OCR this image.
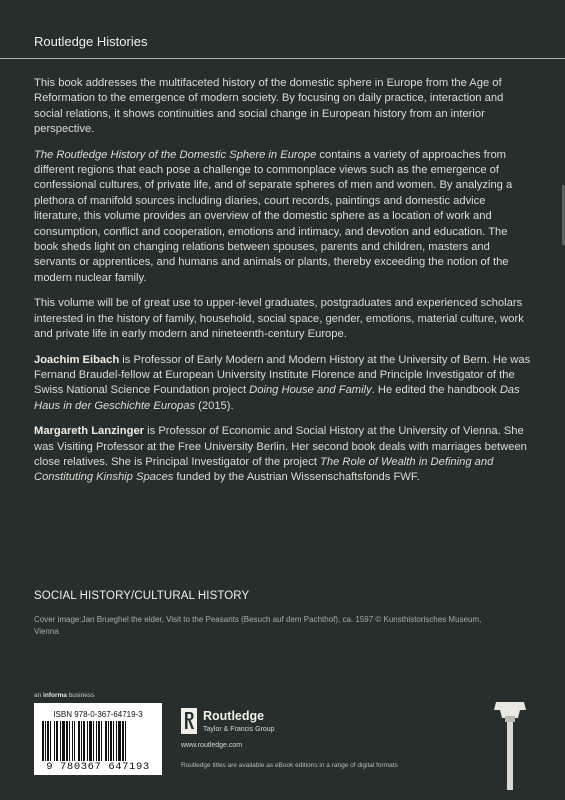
Routledge Histories

This book addresses the multifaceted history of the domestic sphere in Europe from the Age of Reformation to the emergence of modern society. By focusing on daily practice, interaction and social relations, it shows continuities and social change in European history from an interior perspective.

The Routledge History of the Domestic Sphere in Europe contains a variety of approaches from different regions that each pose a challenge to commonplace views such as the emergence of confessional cultures, of private life, and of separate spheres of men and women. By analyzing a plethora of manifold sources including diaries, court records, paintings and domestic advice literature, this volume provides an overview of the domestic sphere as a location of work and consumption, conflict and cooperation, emotions and intimacy, and devotion and education. The book sheds light on changing relations between spouses, parents and children, masters and servants or apprentices, and humans and animals or plants, thereby exceeding the notion of the modern nuclear family.

This volume will be of great use to upper-level graduates, postgraduates and experienced scholars interested in the history of family, household, social space, gender, emotions, material culture, work and private life in early modern and nineteenth-century Europe.

Joachim Eibach is Professor of Early Modern and Modern History at the University of Bern. He was Fernand Braudel-fellow at European University Institute Florence and Principle Investigator of the Swiss National Science Foundation project Doing House and Family. He edited the handbook Das Haus in der Geschichte Europas (2015).

Margareth Lanzinger is Professor of Economic and Social History at the University of Vienna. She was Visiting Professor at the Free University Berlin. Her second book deals with marriages between close relatives. She is Principal Investigator of the project The Role of Wealth in Defining and Constituting Kinship Spaces funded by the Austrian Wissenschaftsfonds FWF.

SOCIAL HISTORY/CULTURAL HISTORY
Cover image:Jan Brueghel the elder, Visit to the Peasants (Besuch auf dem Pachthof), ca. 1597 © Kunsthistorisches Museum, Vienna
an informa business
ISBN 978-0-367-64719-3
9 780367 647193
Routledge
Taylor & Francis Group
www.routledge.com
Routledge titles are available as eBook editions in a range of digital formats
